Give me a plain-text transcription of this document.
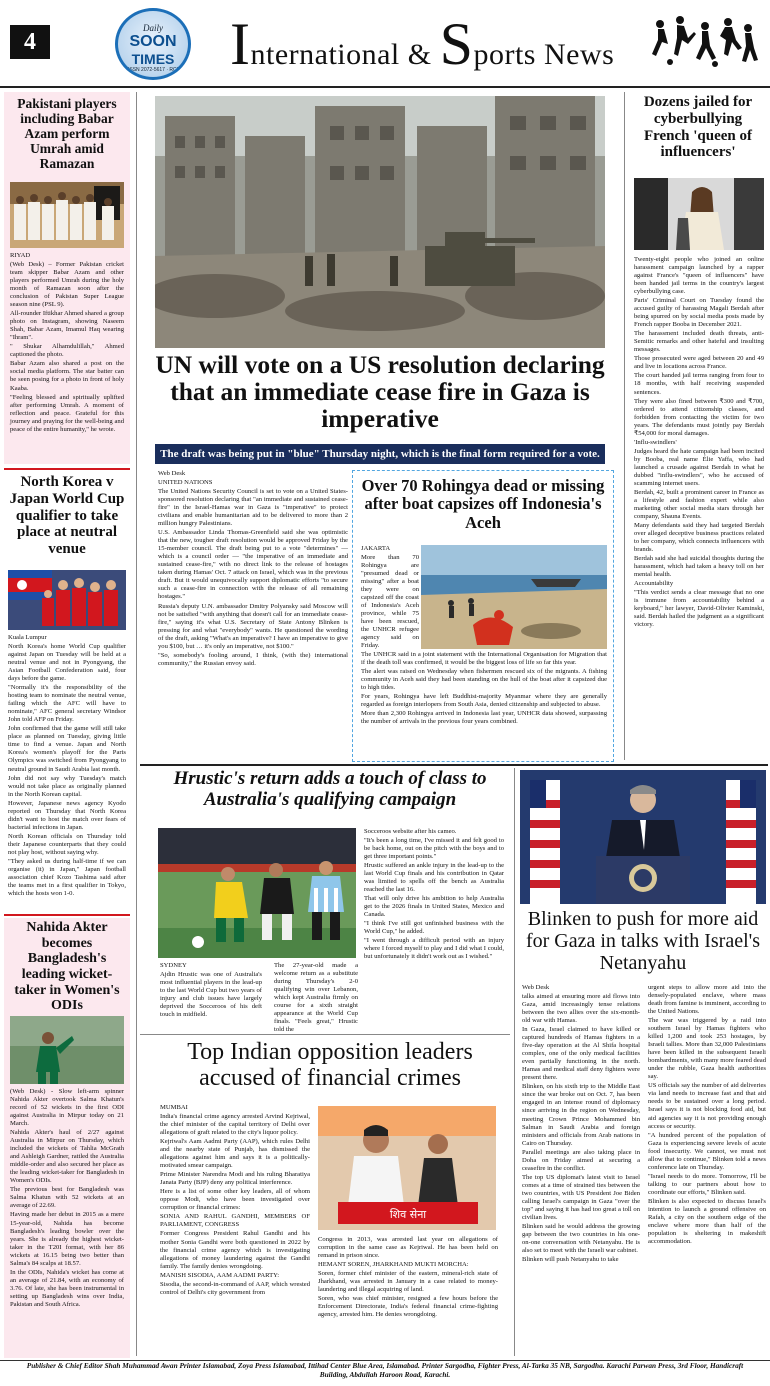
4
Daily
SOON
TIMES
ISSN 2072-5617 · RCI International & Sports News
Pakistani players including Babar Azam perform Umrah amid Ramazan

RIYAD

(Web Desk) – Former Pakistan cricket team skipper Babar Azam and other players performed Umrah during the holy month of Ramazan soon after the conclusion of Pakistan Super League season nine (PSL 9).

All-rounder Iftikhar Ahmed shared a group photo on Instagram, showing Naseem Shah, Babar Azam, Imamul Haq wearing "Ihram".

" Shukar Alhamdulillah," Ahmed captioned the photo.

Babar Azam also shared a post on the social media platform. The star batter can be seen posing for a photo in front of holy Kaaba.

"Feeling blessed and spiritually uplifted after performing Umrah. A moment of reflection and peace. Grateful for this journey and praying for the well-being and peace of the entire humanity," he wrote.

North Korea v Japan World Cup qualifier to take place at neutral venue

Kuala Lumpur

North Korea's home World Cup qualifier against Japan on Tuesday will be held at a neutral venue and not in Pyongyang, the Asian Football Confederation said, four days before the game.

"Normally it's the responsibility of the hosting team to nominate the neutral venue, failing which the AFC will have to nominate," AFC general secretary Windsor John told AFP on Friday.

John confirmed that the game will still take place as planned on Tuesday, giving little time to find a venue. Japan and North Korea's women's playoff for the Paris Olympics was switched from Pyongyang to neutral ground in Saudi Arabia last month.

John did not say why Tuesday's match would not take place as originally planned in the North Korean capital.

However, Japanese news agency Kyodo reported on Thursday that North Korea didn't want to host the match over fears of bacterial infections in Japan.

North Korean officials on Thursday told their Japanese counterparts that they could not play host, without saying why.

"They asked us during half-time if we can organise (it) in Japan," Japan football association chief Kozo Tashima said after the teams met in a first qualifier in Tokyo, which the hosts won 1-0.

Nahida Akter becomes Bangladesh's leading wicket-taker in Women's ODIs

(Web Desk) - Slow left-arm spinner Nahida Akter overtook Salma Khatun's record of 52 wickets in the first ODI against Australia in Mirpur today on 21 March.

Nahida Akter's haul of 2/27 against Australia in Mirpur on Thursday, which included the wickets of Tahlia McGrath and Ashleigh Gardner, rattled the Australia middle-order and also secured her place as the leading wicket-taker for Bangladesh in Women's ODIs.

The previous best for Bangladesh was Salma Khatun with 52 wickets at an average of 22.69.

Having made her debut in 2015 as a mere 15-year-old, Nahida has become Bangladesh's leading bowler over the years. She is already the highest wicket-taker in the T20I format, with her 86 wickets at 16.15 being two better than Salma's 84 scalps at 18.57.

In the ODIs, Nahida's wicket has come at an average of 21.84, with an economy of 3.76. Of late, she has been instrumental in setting up Bangladesh wins over India, Pakistan and South Africa.

UN will vote on a US resolution declaring that an immediate cease fire in Gaza is imperative
The draft was being put in "blue" Thursday night, which is the final form required for a vote.

Web Desk

UNITED NATIONS

The United Nations Security Council is set to vote on a United States-sponsored resolution declaring that "an immediate and sustained cease-fire" in the Israel-Hamas war in Gaza is "imperative" to protect civilians and enable humanitarian aid to be delivered to more than 2 million hungry Palestinians.

U.S. Ambassador Linda Thomas-Greenfield said she was optimistic that the new, tougher draft resolution would be approved Friday by the 15-member council. The draft being put to a vote "determines" — which is a council order — "the imperative of an immediate and sustained cease-fire," with no direct link to the release of hostages taken during Hamas' Oct. 7 attack on Israel, which was in the previous draft. But it would unequivocally support diplomatic efforts "to secure such a cease-fire in connection with the release of all remaining hostages."

Russia's deputy U.N. ambassador Dmitry Polyansky said Moscow will not be satisfied "with anything that doesn't call for an immediate cease-fire," saying it's what U.S. Secretary of State Antony Blinken is pressing for and what "everybody" wants. He questioned the wording of the draft, asking "What's an imperative? I have an imperative to give you $100, but … it's only an imperative, not $100."

"So, somebody's fooling around, I think, (with the) international community," the Russian envoy said.

Over 70 Rohingya dead or missing after boat capsizes off Indonesia's Aceh

JAKARTA

More than 70 Rohingya are "presumed dead or missing" after a boat they were on capsized off the coast of Indonesia's Aceh province, while 75 have been rescued, the UNHCR refugee agency said on Friday.

The UNHCR said in a joint statement with the International Organisation for Migration that if the death toll was confirmed, it would be the biggest loss of life so far this year.

The alert was raised on Wednesday when fishermen rescued six of the migrants. A fishing community in Aceh said they had been standing on the hull of the boat after it capsized due to high tides.

For years, Rohingya have left Buddhist-majority Myanmar where they are generally regarded as foreign interlopers from South Asia, denied citizenship and subjected to abuse.

More than 2,300 Rohingya arrived in Indonesia last year, UNHCR data showed, surpassing the number of arrivals in the previous four years combined.

Dozens jailed for cyberbullying French 'queen of influencers'

Twenty-eight people who joined an online harassment campaign launched by a rapper against France's "queen of influencers" have been handed jail terms in the country's largest cyberbullying case.

Paris' Criminal Court on Tuesday found the accused guilty of harassing Magali Berdah after being spurred on by social media posts made by French rapper Booba in December 2021.

The harassment included death threats, anti-Semitic remarks and other hateful and insulting messages.

Those prosecuted were aged between 20 and 49 and live in locations across France.

The court handed jail terms ranging from four to 18 months, with half receiving suspended sentences.

They were also fined between ₹300 and ₹700, ordered to attend citizenship classes, and forbidden from contacting the victim for two years. The defendants must jointly pay Berdah ₹54,000 for moral damages.

'Influ-swindlers'

Judges heard the hate campaign had been incited by Booba, real name Élie Yaffa, who had launched a crusade against Berdah in what he dubbed "influ-swindlers", who he accused of scamming internet users.

Berdah, 42, built a prominent career in France as a lifestyle and fashion expert while also marketing other social media stars through her company, Shauna Events.

Many defendants said they had targeted Berdah over alleged deceptive business practices related to her company, which connects influencers with brands.

Berdah said she had suicidal thoughts during the harassment, which had taken a heavy toll on her mental health.

Accountability

"This verdict sends a clear message that no one is immune from accountability behind a keyboard," her lawyer, David-Olivier Kaminski, said. Berdah hailed the judgment as a significant victory.

Hrustic's return adds a touch of class to Australia's qualifying campaign

SYDNEY

Ajdin Hrustic was one of Australia's most influential players in the lead-up to the last World Cup but two years of injury and club issues have largely deprived the Socceroos of his deft touch in midfield.

The 27-year-old made a welcome return as a substitute during Thursday's 2-0 qualifying win over Lebanon, which kept Australia firmly on course for a sixth straight appearance at the World Cup finals. "Feels great," Hrustic told the

Socceroos website after his cameo.

"It's been a long time, I've missed it and felt good to be back home, out on the pitch with the boys and to get three important points."

Hrustic suffered an ankle injury in the lead-up to the last World Cup finals and his contribution in Qatar was limited to spells off the bench as Australia reached the last 16.

That will only drive his ambition to help Australia get to the 2026 finals in United States, Mexico and Canada.

"I think I've still got unfinished business with the World Cup," he added.

"I went through a difficult period with an injury where I forced myself to play and I did what I could, but unfortunately it didn't work out as I wished."

Top Indian opposition leaders accused of financial crimes

MUMBAI

India's financial crime agency arrested Arvind Kejriwal, the chief minister of the capital territory of Delhi over allegations of graft related to the city's liquor policy.

Kejriwal's Aam Aadmi Party (AAP), which rules Delhi and the nearby state of Punjab, has dismissed the allegations against him and says it is a politically-motivated smear campaign.

Prime Minister Narendra Modi and his ruling Bharatiya Janata Party (BJP) deny any political interference.

Here is a list of some other key leaders, all of whom oppose Modi, who have been investigated over corruption or financial crimes:

SONIA AND RAHUL GANDHI, MEMBERS OF PARLIAMENT, CONGRESS

Former Congress President Rahul Gandhi and his mother Sonia Gandhi were both questioned in 2022 by the financial crime agency which is investigating allegations of money laundering against the Gandhi family. The family denies wrongdoing.

MANISH SISODIA, AAM AADMI PARTY:

Sisodia, the second-in-command of AAP, which wrested control of Delhi's city government from

शिव सेना

Congress in 2013, was arrested last year on allegations of corruption in the same case as Kejriwal. He has been held on remand in prison since.

HEMANT SOREN, JHARKHAND MUKTI MORCHA:

Soren, former chief minister of the eastern, mineral-rich state of Jharkhand, was arrested in January in a case related to money-laundering and illegal acquiring of land.

Soren, who was chief minister, resigned a few hours before the Enforcement Directorate, India's federal financial crime-fighting agency, arrested him. He denies wrongdoing.

Blinken to push for more aid for Gaza in talks with Israel's Netanyahu

Web Desk

talks aimed at ensuring more aid flows into Gaza, amid increasingly tense relations between the two allies over the six-month-old war with Hamas.

In Gaza, Israel claimed to have killed or captured hundreds of Hamas fighters in a five-day operation at the Al Shifa hospital complex, one of the only medical facilities even partially functioning in the north. Hamas and medical staff deny fighters were present there.

Blinken, on his sixth trip to the Middle East since the war broke out on Oct. 7, has been engaged in an intense round of diplomacy since arriving in the region on Wednesday, meeting Crown Prince Mohammed bin Salman in Saudi Arabia and foreign ministers and officials from Arab nations in Cairo on Thursday.

Parallel meetings are also taking place in Doha on Friday aimed at securing a ceasefire in the conflict.

The top US diplomat's latest visit to Israel comes at a time of strained ties between the two countries, with US President Joe Biden calling Israel's campaign in Gaza "over the top" and saying it has had too great a toll on civilian lives.

Blinken said he would address the growing gap between the two countries in his one-on-one conversation with Netanyahu. He is also set to meet with the Israeli war cabinet.

Blinken will push Netanyahu to take

urgent steps to allow more aid into the densely-populated enclave, where mass death from famine is imminent, according to the United Nations.

The war was triggered by a raid into southern Israel by Hamas fighters who killed 1,200 and took 253 hostages, by Israeli tallies. More than 32,000 Palestinians have been killed in the subsequent Israeli bombardments, with many more feared dead under the rubble, Gaza health authorities say.

US officials say the number of aid deliveries via land needs to increase fast and that aid needs to be sustained over a long period. Israel says it is not blocking food aid, but aid agencies say it is not providing enough access or security.

"A hundred percent of the population of Gaza is experiencing severe levels of acute food insecurity. We cannot, we must not allow that to continue," Blinken told a news conference late on Thursday.

"Israel needs to do more. Tomorrow, I'll be talking to our partners about how to coordinate our efforts," Blinken said.

Blinken is also expected to discuss Israel's intention to launch a ground offensive on Rafah, a city on the southern edge of the enclave where more than half of the population is sheltering in makeshift accommodation.

Publisher & Chief Editor Shah Muhammad Awan Printer Islamabad, Zoya Press Islamabad, Ittihad Center Blue Area, Islamabad. Printer Sargodha, Fighter Press, Al-Tarka 35 NB, Sargodha. Karachi Parwan Press, 3rd Floor, Handicraft Building, Abdullah Haroon Road, Karachi.
